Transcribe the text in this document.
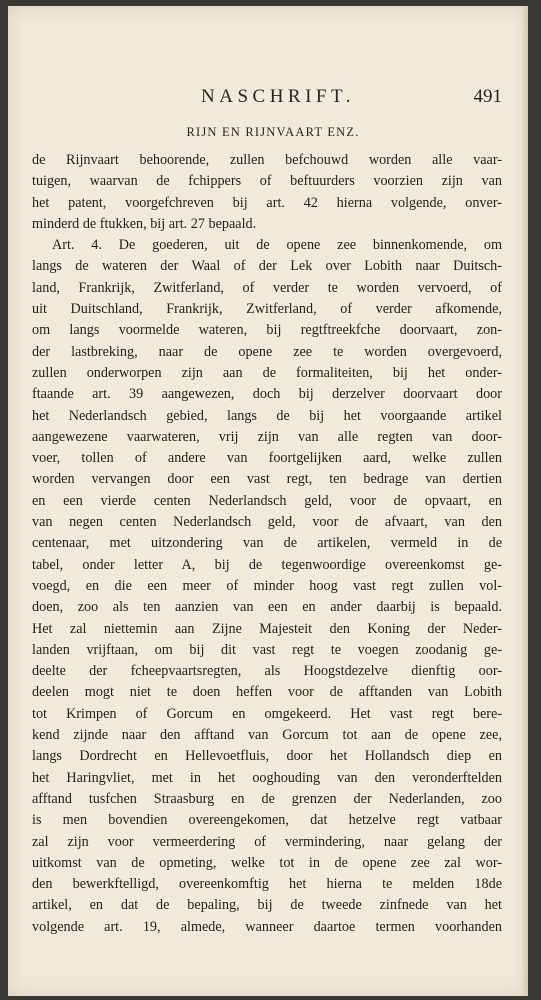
NASCHRIFT.	491
RIJN EN RIJNVAART ENZ.
de Rijnvaart behoorende, zullen befchouwd worden alle vaar-
tuigen, waarvan de fchippers of beftuurders voorzien zijn van
het patent, voorgefchreven bij art. 42 hierna volgende, onver-
minderd de ftukken, bij art. 27 bepaald.
Art. 4. De goederen, uit de opene zee binnenkomende, om
langs de wateren der Waal of der Lek over Lobith naar Duitsch-
land, Frankrijk, Zwitferland, of verder te worden vervoerd, of
uit Duitschland, Frankrijk, Zwitferland, of verder afkomende,
om langs voormelde wateren, bij regtftreekfche doorvaart, zon-
der lastbreking, naar de opene zee te worden overgevoerd,
zullen onderworpen zijn aan de formaliteiten, bij het onder-
ftaande art. 39 aangewezen, doch bij derzelver doorvaart door
het Nederlandsch gebied, langs de bij het voorgaande artikel
aangewezene vaarwateren, vrij zijn van alle regten van door-
voer, tollen of andere van foortgelijken aard, welke zullen
worden vervangen door een vast regt, ten bedrage van dertien
en een vierde centen Nederlandsch geld, voor de opvaart, en
van negen centen Nederlandsch geld, voor de afvaart, van den
centenaar, met uitzondering van de artikelen, vermeld in de
tabel, onder letter A, bij de tegenwoordige overeenkomst ge-
voegd, en die een meer of minder hoog vast regt zullen vol-
doen, zoo als ten aanzien van een en ander daarbij is bepaald.
Het zal niettemin aan Zijne Majesteit den Koning der Neder-
landen vrijftaan, om bij dit vast regt te voegen zoodanig ge-
deelte der fcheepvaartsregten, als Hoogstdezelve dienftig oor-
deelen mogt niet te doen heffen voor de afftanden van Lobith
tot Krimpen of Gorcum en omgekeerd. Het vast regt bere-
kend zijnde naar den afftand van Gorcum tot aan de opene zee,
langs Dordrecht en Hellevoetfluis, door het Hollandsch diep en
het Haringvliet, met in het ooghouding van den veronderftelden
afftand tusfchen Straasburg en de grenzen der Nederlanden, zoo
is men bovendien overeengekomen, dat hetzelve regt vatbaar
zal zijn voor vermeerdering of vermindering, naar gelang der
uitkomst van de opmeting, welke tot in de opene zee zal wor-
den bewerkftelligd, overeenkomftig het hierna te melden 18de
artikel, en dat de bepaling, bij de tweede zinfnede van het
volgende art. 19, almede, wanneer daartoe termen voorhanden
